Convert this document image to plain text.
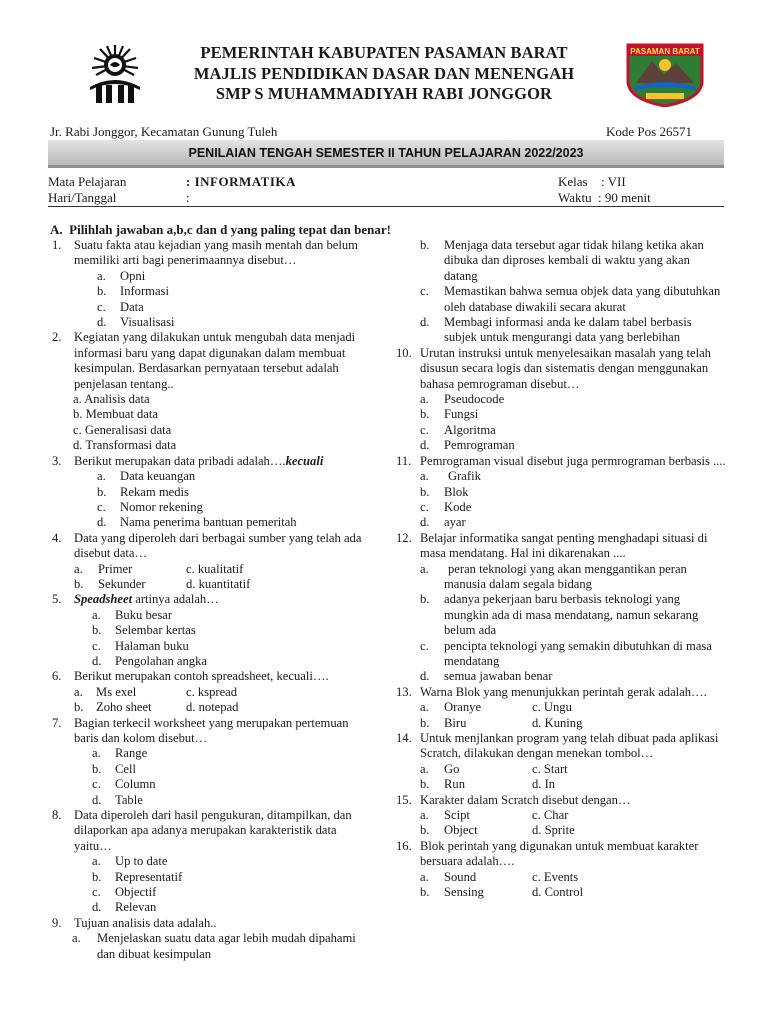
PEMERINTAH KABUPATEN PASAMAN BARAT
MAJLIS PENDIDIKAN DASAR DAN MENENGAH
SMP S MUHAMMADIYAH RABI JONGGOR
PASAMAN BARAT
Jr. Rabi Jonggor, Kecamatan Gunung Tuleh	Kode Pos 26571
PENILAIAN TENGAH SEMESTER II TAHUN PELAJARAN 2022/2023
Mata Pelajaran	: INFORMATIKA
Hari/Tanggal	:
Kelas : VII
Waktu : 90 menit
A. Pilihlah jawaban a,b,c dan d yang paling tepat dan benar!
1. Suatu fakta atau kejadian yang masih mentah dan belum memiliki arti bagi penerimaannya disebut…
a. Opni
b. Informasi
c. Data
d. Visualisasi
2. Kegiatan yang dilakukan untuk mengubah data menjadi informasi baru yang dapat digunakan dalam membuat kesimpulan. Berdasarkan pernyataan tersebut adalah penjelasan tentang..
a. Analisis data
b. Membuat data
c. Generalisasi data
d. Transformasi data
3. Berikut merupakan data pribadi adalah….kecuali
a. Data keuangan
b. Rekam medis
c. Nomor rekening
d. Nama penerima bantuan pemeritah
4. Data yang diperoleh dari berbagai sumber yang telah ada disebut data…
a. Primer	c. kualitatif
b. Sekunder	d. kuantitatif
5. Speadsheet artinya adalah…
a. Buku besar
b. Selembar kertas
c. Halaman buku
d. Pengolahan angka
6. Berikut merupakan contoh spreadsheet, kecuali….
a. Ms exel	c. kspread
b. Zoho sheet	d. notepad
7. Bagian terkecil worksheet yang merupakan pertemuan baris dan kolom disebut…
a. Range
b. Cell
c. Column
d. Table
8. Data diperoleh dari hasil pengukuran, ditampilkan, dan dilaporkan apa adanya merupakan karakteristik data yaitu…
a. Up to date
b. Representatif
c. Objectif
d. Relevan
9. Tujuan analisis data adalah..
a. Menjelaskan suatu data agar lebih mudah dipahami dan dibuat kesimpulan
b. Menjaga data tersebut agar tidak hilang ketika akan dibuka dan diproses kembali di waktu yang akan datang
c. Memastikan bahwa semua objek data yang dibutuhkan oleh database diwakili secara akurat
d. Membagi informasi anda ke dalam tabel berbasis subjek untuk mengurangi data yang berlebihan
10. Urutan instruksi untuk menyelesaikan masalah yang telah disusun secara logis dan sistematis dengan menggunakan bahasa pemrograman disebut…
a. Pseudocode
b. Fungsi
c. Algoritma
d. Pemrograman
11. Pemrograman visual disebut juga permrograman berbasis ....
a. Grafik
b. Blok
c. Kode
d. ayar
12. Belajar informatika sangat penting menghadapi situasi di masa mendatang. Hal ini dikarenakan ....
a. peran teknologi yang akan menggantikan peran manusia dalam segala bidang
b. adanya pekerjaan baru berbasis teknologi yang mungkin ada di masa mendatang, namun sekarang belum ada
c. pencipta teknologi yang semakin dibutuhkan di masa mendatang
d. semua jawaban benar
13. Warna Blok yang menunjukkan perintah gerak adalah….
a. Oranye	c. Ungu
b. Biru	d. Kuning
14. Untuk menjlankan program yang telah dibuat pada aplikasi Scratch, dilakukan dengan menekan tombol…
a. Go	c. Start
b. Run	d. In
15. Karakter dalam Scratch disebut dengan…
a. Scipt	c. Char
b. Object	d. Sprite
16. Blok perintah yang digunakan untuk membuat karakter bersuara adalah….
a. Sound	c. Events
b. Sensing	d. Control
